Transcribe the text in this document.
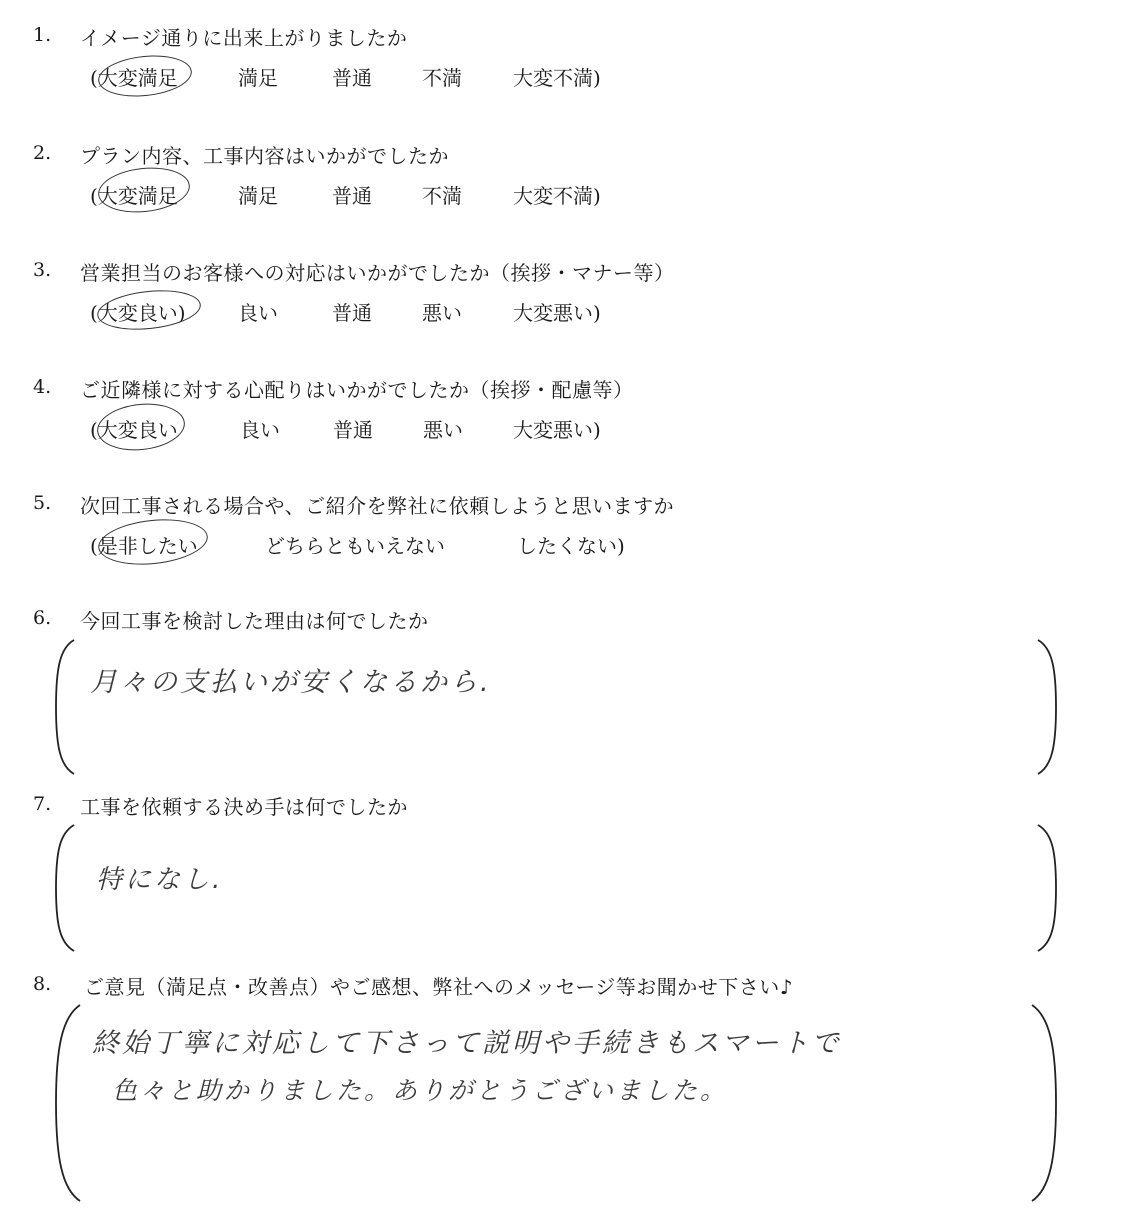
1. イメージ通りに出来上がりましたか
(大変満足	満足	普通	不満	大変不満)
2. プラン内容、工事内容はいかがでしたか
(大変満足	満足	普通	不満	大変不満)
3. 営業担当のお客様への対応はいかがでしたか（挨拶・マナー等）
(大変良い)	良い	普通	悪い	大変悪い)
4. ご近隣様に対する心配りはいかがでしたか（挨拶・配慮等）
(大変良い	良い	普通	悪い	大変悪い)
5. 次回工事される場合や、ご紹介を弊社に依頼しようと思いますか
(是非したい	どちらともいえない	したくない)
6. 今回工事を検討した理由は何でしたか
月々の支払いが安くなるから.
7. 工事を依頼する決め手は何でしたか
特になし.
8. ご意見（満足点・改善点）やご感想、弊社へのメッセージ等お聞かせ下さい♪
終始丁寧に対応して下さって説明や手続きもスマートで
色々と助かりました。ありがとうございました。
